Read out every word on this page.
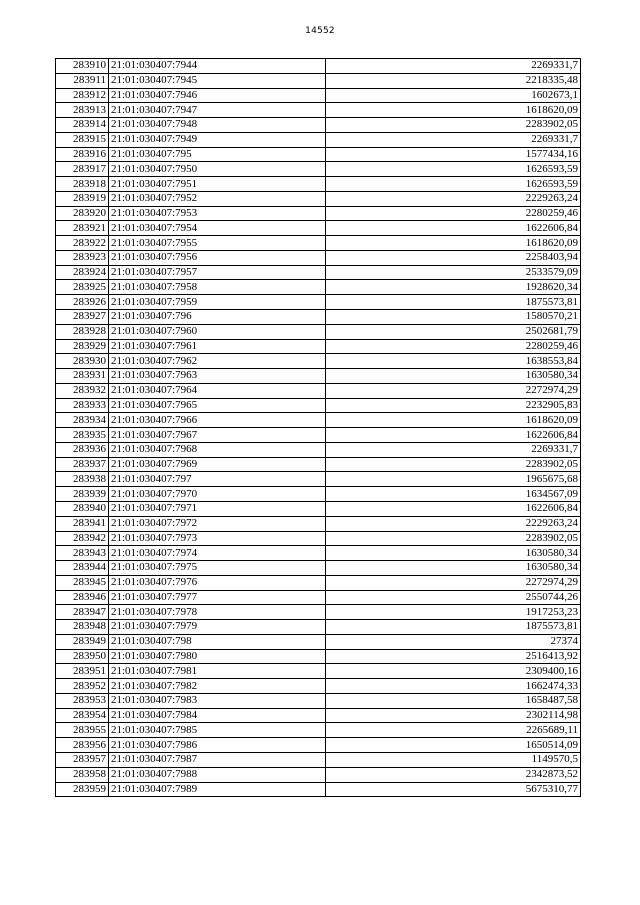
14552
283910	21:01:030407:7944	2269331,7
283911	21:01:030407:7945	2218335,48
283912	21:01:030407:7946	1602673,1
283913	21:01:030407:7947	1618620,09
283914	21:01:030407:7948	2283902,05
283915	21:01:030407:7949	2269331,7
283916	21:01:030407:795	1577434,16
283917	21:01:030407:7950	1626593,59
283918	21:01:030407:7951	1626593,59
283919	21:01:030407:7952	2229263,24
283920	21:01:030407:7953	2280259,46
283921	21:01:030407:7954	1622606,84
283922	21:01:030407:7955	1618620,09
283923	21:01:030407:7956	2258403,94
283924	21:01:030407:7957	2533579,09
283925	21:01:030407:7958	1928620,34
283926	21:01:030407:7959	1875573,81
283927	21:01:030407:796	1580570,21
283928	21:01:030407:7960	2502681,79
283929	21:01:030407:7961	2280259,46
283930	21:01:030407:7962	1638553,84
283931	21:01:030407:7963	1630580,34
283932	21:01:030407:7964	2272974,29
283933	21:01:030407:7965	2232905,83
283934	21:01:030407:7966	1618620,09
283935	21:01:030407:7967	1622606,84
283936	21:01:030407:7968	2269331,7
283937	21:01:030407:7969	2283902,05
283938	21:01:030407:797	1965675,68
283939	21:01:030407:7970	1634567,09
283940	21:01:030407:7971	1622606,84
283941	21:01:030407:7972	2229263,24
283942	21:01:030407:7973	2283902,05
283943	21:01:030407:7974	1630580,34
283944	21:01:030407:7975	1630580,34
283945	21:01:030407:7976	2272974,29
283946	21:01:030407:7977	2550744,26
283947	21:01:030407:7978	1917253,23
283948	21:01:030407:7979	1875573,81
283949	21:01:030407:798	27374
283950	21:01:030407:7980	2516413,92
283951	21:01:030407:7981	2309400,16
283952	21:01:030407:7982	1662474,33
283953	21:01:030407:7983	1658487,58
283954	21:01:030407:7984	2302114,98
283955	21:01:030407:7985	2265689,11
283956	21:01:030407:7986	1650514,09
283957	21:01:030407:7987	1149570,5
283958	21:01:030407:7988	2342873,52
283959	21:01:030407:7989	5675310,77
